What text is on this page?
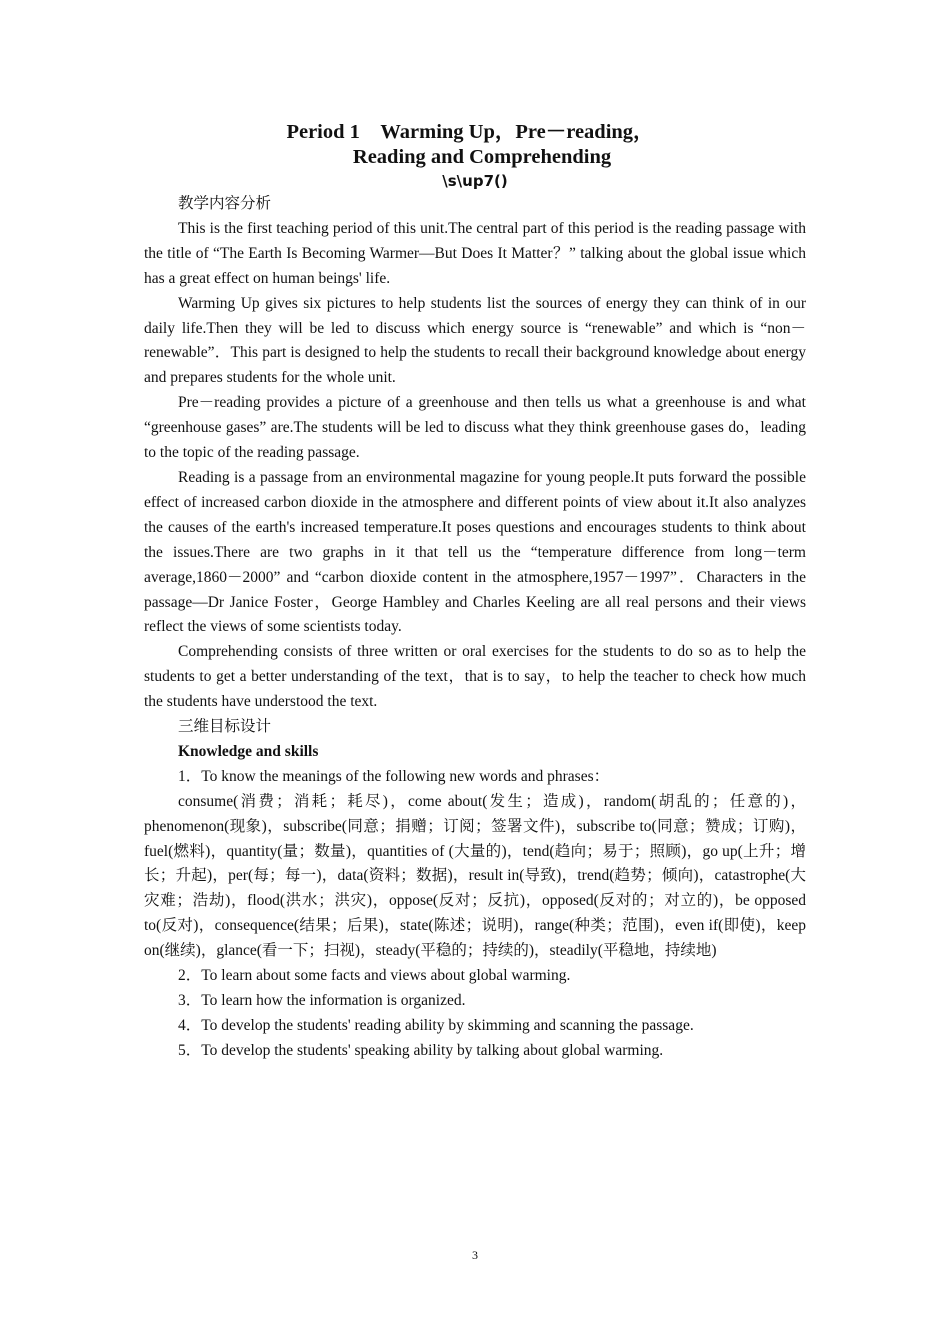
Period 1　Warming Up，Pre－reading，
Reading and Comprehending
\s\up7()

教学内容分析

This is the first teaching period of this unit.The central part of this period is the reading passage with the title of “The Earth Is Becoming Warmer—But Does It Matter？” talking about the global issue which has a great effect on human beings' life.

Warming Up gives six pictures to help students list the sources of energy they can think of in our daily life.Then they will be led to discuss which energy source is “renewable” and which is “non－renewable”．This part is designed to help the students to recall their background knowledge about energy and prepares students for the whole unit.

Pre－reading provides a picture of a greenhouse and then tells us what a greenhouse is and what “greenhouse gases” are.The students will be led to discuss what they think greenhouse gases do，leading to the topic of the reading passage.

Reading is a passage from an environmental magazine for young people.It puts forward the possible effect of increased carbon dioxide in the atmosphere and different points of view about it.It also analyzes the causes of the earth's increased temperature.It poses questions and encourages students to think about the issues.There are two graphs in it that tell us the “temperature difference from long－term average,1860－2000” and “carbon dioxide content in the atmosphere,1957－1997”．Characters in the passage—Dr Janice Foster，George Hambley and Charles Keeling are all real persons and their views reflect the views of some scientists today.

Comprehending consists of three written or oral exercises for the students to do so as to help the students to get a better understanding of the text，that is to say，to help the teacher to check how much the students have understood the text.

三维目标设计

Knowledge and skills

1．To know the meanings of the following new words and phrases：

consume(消费；消耗；耗尽)，come about(发生；造成)，random(胡乱的；任意的)，phenomenon(现象)，subscribe(同意；捐赠；订阅；签署文件)，subscribe to(同意；赞成；订购)，fuel(燃料)，quantity(量；数量)，quantities of (大量的)，tend(趋向；易于；照顾)，go up(上升；增长；升起)，per(每；每一)，data(资料；数据)，result in(导致)，trend(趋势；倾向)，catastrophe(大灾难；浩劫)，flood(洪水；洪灾)，oppose(反对；反抗)，opposed(反对的；对立的)，be opposed to(反对)，consequence(结果；后果)，state(陈述；说明)，range(种类；范围)，even if(即使)，keep on(继续)，glance(看一下；扫视)，steady(平稳的；持续的)，steadily(平稳地，持续地)

2．To learn about some facts and views about global warming.

3．To learn how the information is organized.

4．To develop the students' reading ability by skimming and scanning the passage.

5．To develop the students' speaking ability by talking about global warming.

3
